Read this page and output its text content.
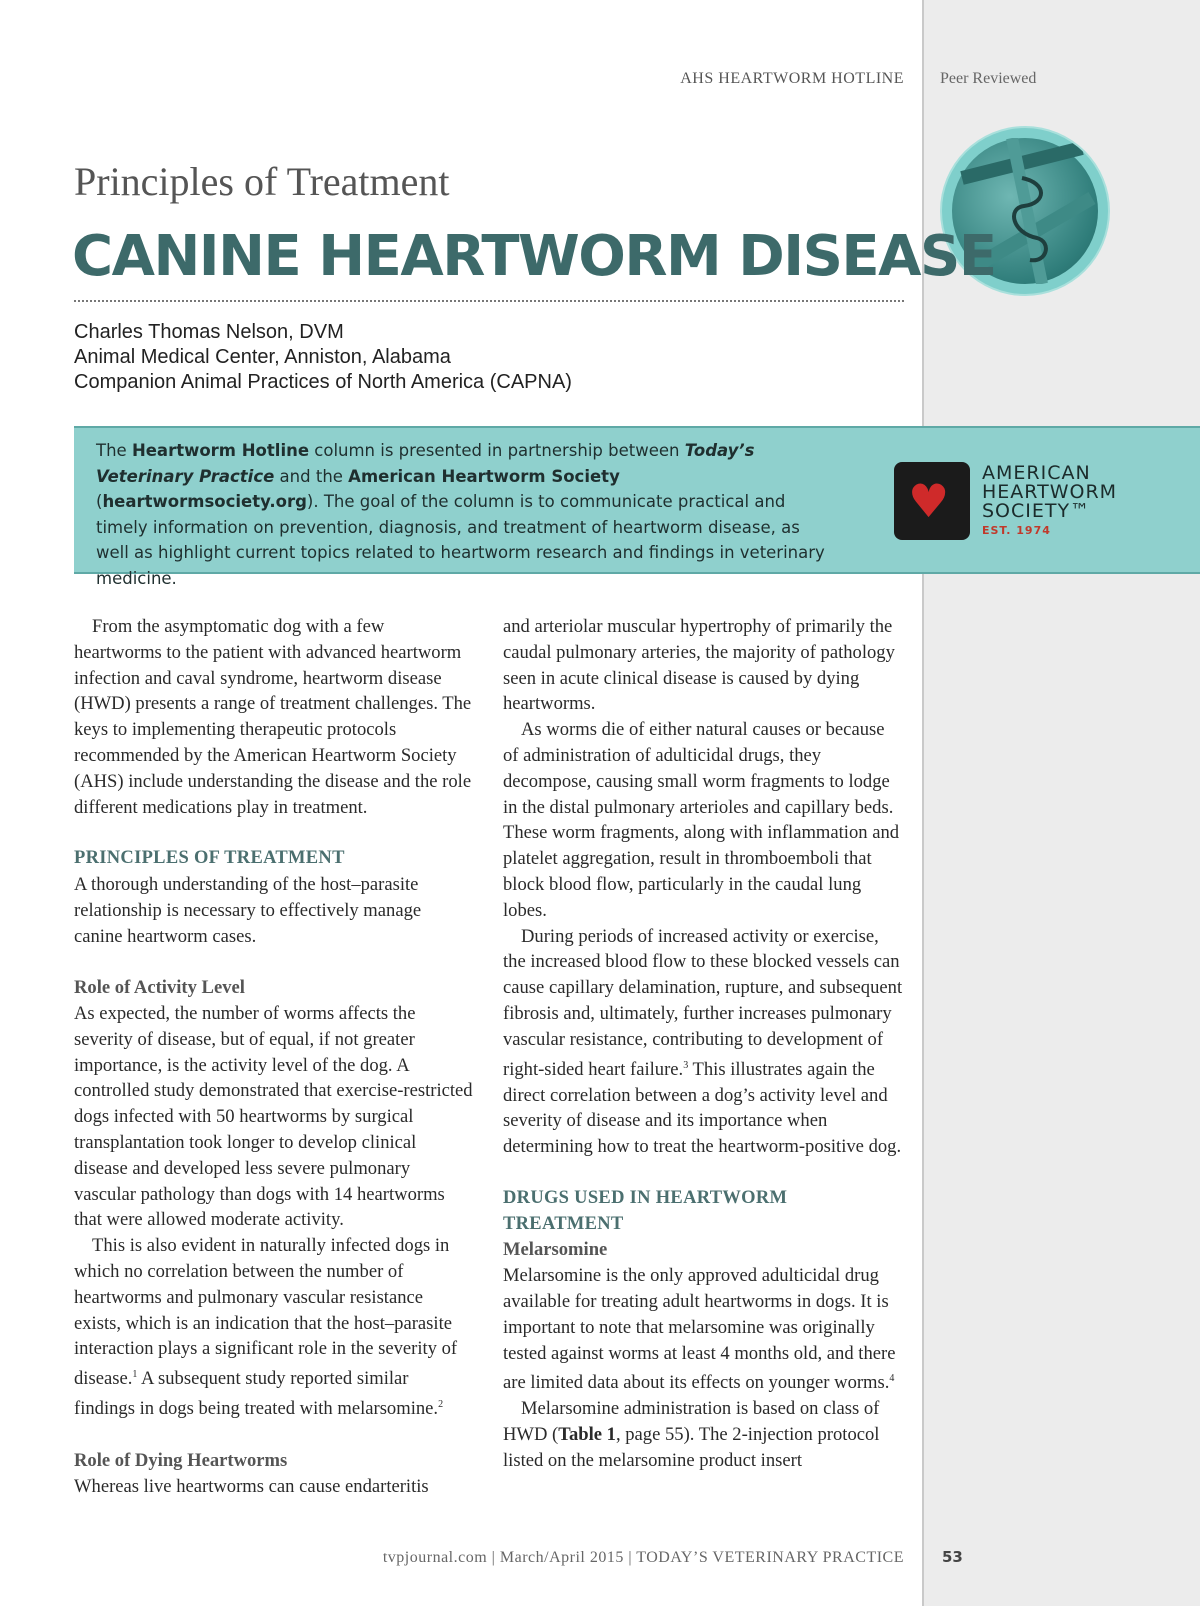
AHS HEARTWORM HOTLINE Peer Reviewed
Principles of Treatment
CANINE HEARTWORM DISEASE
Charles Thomas Nelson, DVM
Animal Medical Center, Anniston, Alabama
Companion Animal Practices of North America (CAPNA)
The Heartworm Hotline column is presented in partnership between Today’s Veterinary Practice and the American Heartworm Society (heartwormsociety.org). The goal of the column is to communicate practical and timely information on prevention, diagnosis, and treatment of heartworm disease, as well as highlight current topics related to heartworm research and findings in veterinary medicine.
♥
AMERICAN
HEARTWORM
SOCIETY™
EST. 1974

From the asymptomatic dog with a few heartworms to the patient with advanced heartworm infection and caval syndrome, heartworm disease (HWD) presents a range of treatment challenges. The keys to implementing therapeutic protocols recommended by the American Heartworm Society (AHS) include understanding the disease and the role different medications play in treatment.

PRINCIPLES OF TREATMENT

A thorough understanding of the host–parasite relationship is necessary to effectively manage canine heartworm cases.

Role of Activity Level

As expected, the number of worms affects the severity of disease, but of equal, if not greater importance, is the activity level of the dog. A controlled study demonstrated that exercise-restricted dogs infected with 50 heartworms by surgical transplantation took longer to develop clinical disease and developed less severe pulmonary vascular pathology than dogs with 14 heartworms that were allowed moderate activity.

This is also evident in naturally infected dogs in which no correlation between the number of heartworms and pulmonary vascular resistance exists, which is an indication that the host–parasite interaction plays a significant role in the severity of disease.$^1$ A subsequent study reported similar findings in dogs being treated with melarsomine.$^2$

Role of Dying Heartworms

Whereas live heartworms can cause endarteritis

and arteriolar muscular hypertrophy of primarily the caudal pulmonary arteries, the majority of pathology seen in acute clinical disease is caused by dying heartworms.

As worms die of either natural causes or because of administration of adulticidal drugs, they decompose, causing small worm fragments to lodge in the distal pulmonary arterioles and capillary beds. These worm fragments, along with inflammation and platelet aggregation, result in thromboemboli that block blood flow, particularly in the caudal lung lobes.

During periods of increased activity or exercise, the increased blood flow to these blocked vessels can cause capillary delamination, rupture, and subsequent fibrosis and, ultimately, further increases pulmonary vascular resistance, contributing to development of right-sided heart failure.$^3$ This illustrates again the direct correlation between a dog’s activity level and severity of disease and its importance when determining how to treat the heartworm-positive dog.

DRUGS USED IN HEARTWORM TREATMENT

Melarsomine

Melarsomine is the only approved adulticidal drug available for treating adult heartworms in dogs. It is important to note that melarsomine was originally tested against worms at least 4 months old, and there are limited data about its effects on younger worms.$^4$

Melarsomine administration is based on class of HWD (Table 1, page 55). The 2-injection protocol listed on the melarsomine product insert

tvpjournal.com | March/April 2015 | TODAY’S VETERINARY PRACTICE	53
